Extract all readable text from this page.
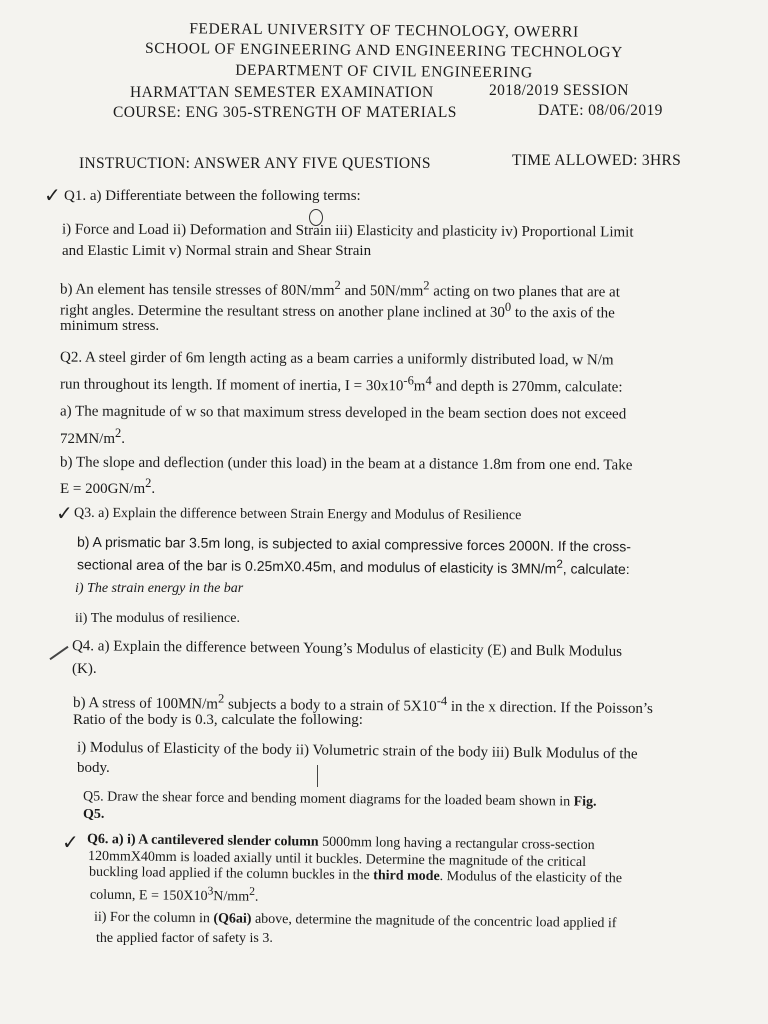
FEDERAL UNIVERSITY OF TECHNOLOGY, OWERRI
SCHOOL OF ENGINEERING AND ENGINEERING TECHNOLOGY
DEPARTMENT OF CIVIL ENGINEERING
HARMATTAN SEMESTER EXAMINATION	2018/2019 SESSION
COURSE: ENG 305-STRENGTH OF MATERIALS	DATE: 08/06/2019
INSTRUCTION: ANSWER ANY FIVE QUESTIONS	TIME ALLOWED: 3HRS
✓ Q1. a) Differentiate between the following terms:
i) Force and Load ii) Deformation and Strain iii) Elasticity and plasticity iv) Proportional Limit
and Elastic Limit v) Normal strain and Shear Strain
b) An element has tensile stresses of $80N/mm^2$ and $50N/mm^2$ acting on two planes that are at
right angles. Determine the resultant stress on another plane inclined at $30^0$ to the axis of the
minimum stress.
Q2. A steel girder of 6m length acting as a beam carries a uniformly distributed load, w N/m
run throughout its length. If moment of inertia, $I = 30x10^{-6}m^4$ and depth is 270mm, calculate:
a) The magnitude of w so that maximum stress developed in the beam section does not exceed
$72MN/m^2$.
b) The slope and deflection (under this load) in the beam at a distance 1.8m from one end. Take
$E = 200GN/m^2$.
✓ Q3. a) Explain the difference between Strain Energy and Modulus of Resilience
b) A prismatic bar 3.5m long, is subjected to axial compressive forces 2000N. If the cross-
sectional area of the bar is 0.25mX0.45m, and modulus of elasticity is $3MN/m^2$, calculate:
i) The strain energy in the bar
ii) The modulus of resilience.
Q4. a) Explain the difference between Young’s Modulus of elasticity (E) and Bulk Modulus
(K).
b) A stress of $100MN/m^2$ subjects a body to a strain of $5X10^{-4}$ in the x direction. If the Poisson’s
Ratio of the body is 0.3, calculate the following:
i) Modulus of Elasticity of the body ii) Volumetric strain of the body iii) Bulk Modulus of the
body.
Q5. Draw the shear force and bending moment diagrams for the loaded beam shown in Fig.
Q5.
✓ Q6. a) i) A cantilevered slender column 5000mm long having a rectangular cross-section
120mmX40mm is loaded axially until it buckles. Determine the magnitude of the critical
buckling load applied if the column buckles in the third mode. Modulus of the elasticity of the
column, $E = 150X10^3N/mm^2$.
ii) For the column in (Q6ai) above, determine the magnitude of the concentric load applied if
the applied factor of safety is 3.
